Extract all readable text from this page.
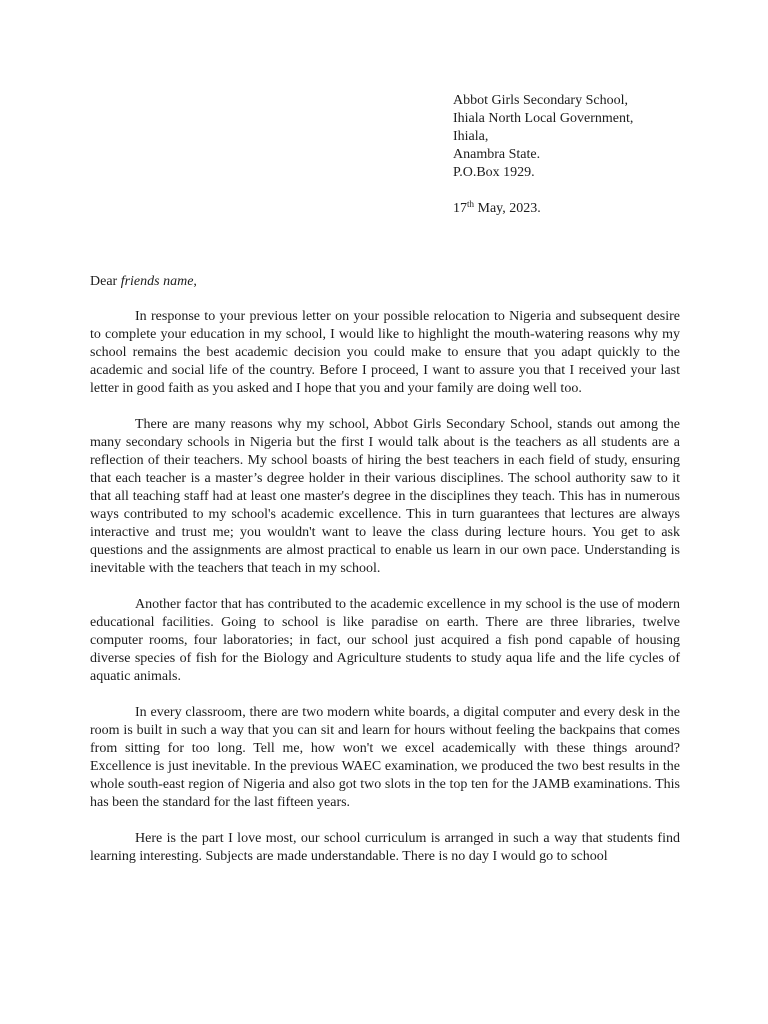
Abbot Girls Secondary School,
Ihiala North Local Government,
Ihiala,
Anambra State.
P.O.Box 1929.
17th May, 2023.
Dear friends name,

In response to your previous letter on your possible relocation to Nigeria and subsequent desire to complete your education in my school, I would like to highlight the mouth-watering reasons why my school remains the best academic decision you could make to ensure that you adapt quickly to the academic and social life of the country. Before I proceed, I want to assure you that I received your last letter in good faith as you asked and I hope that you and your family are doing well too.

There are many reasons why my school, Abbot Girls Secondary School, stands out among the many secondary schools in Nigeria but the first I would talk about is the teachers as all students are a reflection of their teachers. My school boasts of hiring the best teachers in each field of study, ensuring that each teacher is a master’s degree holder in their various disciplines. The school authority saw to it that all teaching staff had at least one master's degree in the disciplines they teach. This has in numerous ways contributed to my school's academic excellence. This in turn guarantees that lectures are always interactive and trust me; you wouldn't want to leave the class during lecture hours. You get to ask questions and the assignments are almost practical to enable us learn in our own pace. Understanding is inevitable with the teachers that teach in my school.

Another factor that has contributed to the academic excellence in my school is the use of modern educational facilities. Going to school is like paradise on earth. There are three libraries, twelve computer rooms, four laboratories; in fact, our school just acquired a fish pond capable of housing diverse species of fish for the Biology and Agriculture students to study aqua life and the life cycles of aquatic animals.

In every classroom, there are two modern white boards, a digital computer and every desk in the room is built in such a way that you can sit and learn for hours without feeling the backpains that comes from sitting for too long. Tell me, how won't we excel academically with these things around? Excellence is just inevitable. In the previous WAEC examination, we produced the two best results in the whole south-east region of Nigeria and also got two slots in the top ten for the JAMB examinations. This has been the standard for the last fifteen years.

Here is the part I love most, our school curriculum is arranged in such a way that students find learning interesting. Subjects are made understandable. There is no day I would go to school
